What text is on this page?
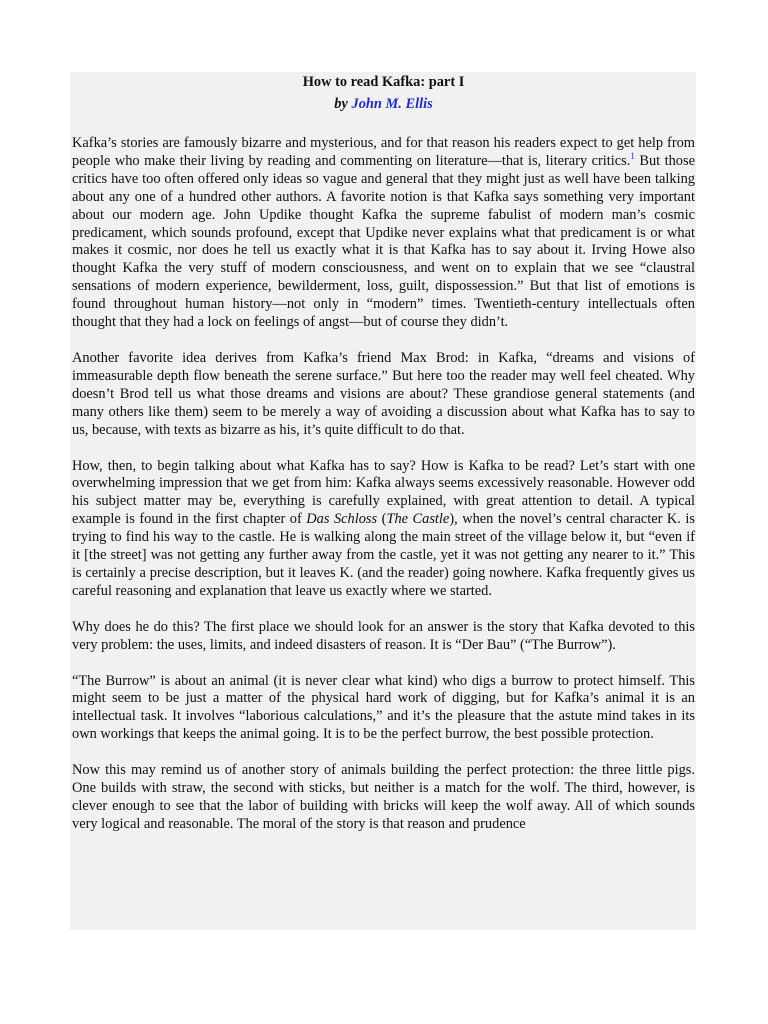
How to read Kafka: part I

by John M. Ellis

Kafka’s stories are famously bizarre and mysterious, and for that reason his readers expect to get help from people who make their living by reading and commenting on literature—that is, literary critics.$^1$ But those critics have too often offered only ideas so vague and general that they might just as well have been talking about any one of a hundred other authors. A favorite notion is that Kafka says something very important about our modern age. John Updike thought Kafka the supreme fabulist of modern man’s cosmic predicament, which sounds profound, except that Updike never explains what that predicament is or what makes it cosmic, nor does he tell us exactly what it is that Kafka has to say about it. Irving Howe also thought Kafka the very stuff of modern consciousness, and went on to explain that we see “claustral sensations of modern experience, bewilderment, loss, guilt, dispossession.” But that list of emotions is found throughout human history—not only in “modern” times. Twentieth-century intellectuals often thought that they had a lock on feelings of angst—but of course they didn’t.

Another favorite idea derives from Kafka’s friend Max Brod: in Kafka, “dreams and visions of immeasurable depth flow beneath the serene surface.” But here too the reader may well feel cheated. Why doesn’t Brod tell us what those dreams and visions are about? These grandiose general statements (and many others like them) seem to be merely a way of avoiding a discussion about what Kafka has to say to us, because, with texts as bizarre as his, it’s quite difficult to do that.

How, then, to begin talking about what Kafka has to say? How is Kafka to be read? Let’s start with one overwhelming impression that we get from him: Kafka always seems excessively reasonable. However odd his subject matter may be, everything is carefully explained, with great attention to detail. A typical example is found in the first chapter of Das Schloss (The Castle), when the novel’s central character K. is trying to find his way to the castle. He is walking along the main street of the village below it, but “even if it [the street] was not getting any further away from the castle, yet it was not getting any nearer to it.” This is certainly a precise description, but it leaves K. (and the reader) going nowhere. Kafka frequently gives us careful reasoning and explanation that leave us exactly where we started.

Why does he do this? The first place we should look for an answer is the story that Kafka devoted to this very problem: the uses, limits, and indeed disasters of reason. It is “Der Bau” (“The Burrow”).

“The Burrow” is about an animal (it is never clear what kind) who digs a burrow to protect himself. This might seem to be just a matter of the physical hard work of digging, but for Kafka’s animal it is an intellectual task. It involves “laborious calculations,” and it’s the pleasure that the astute mind takes in its own workings that keeps the animal going. It is to be the perfect burrow, the best possible protection.

Now this may remind us of another story of animals building the perfect protection: the three little pigs. One builds with straw, the second with sticks, but neither is a match for the wolf. The third, however, is clever enough to see that the labor of building with bricks will keep the wolf away. All of which sounds very logical and reasonable. The moral of the story is that reason and prudence
